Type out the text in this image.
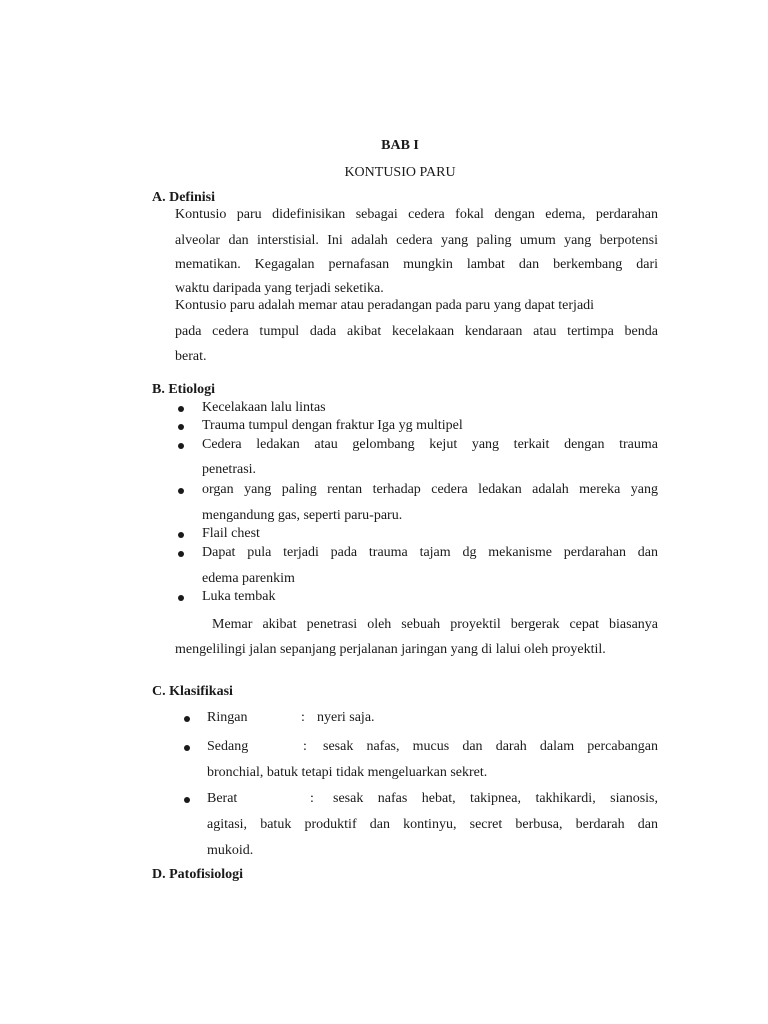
BAB I
KONTUSIO PARU
A. Definisi
Kontusio paru didefinisikan sebagai cedera fokal dengan edema, perdarahan
alveolar dan interstisial. Ini adalah cedera yang paling umum yang berpotensi
mematikan. Kegagalan pernafasan mungkin lambat dan berkembang dari
waktu daripada yang terjadi seketika.
Kontusio paru adalah memar atau peradangan pada paru yang dapat terjadi
pada cedera tumpul dada akibat kecelakaan kendaraan atau tertimpa benda
berat.
B. Etiologi
Kecelakaan lalu lintas
Trauma tumpul dengan fraktur Iga yg multipel
Cedera ledakan atau gelombang kejut yang terkait dengan trauma
penetrasi.
organ yang paling rentan terhadap cedera ledakan adalah mereka yang
mengandung gas, seperti paru-paru.
Flail chest
Dapat pula terjadi pada trauma tajam dg mekanisme perdarahan dan
edema parenkim
Luka tembak
Memar akibat penetrasi oleh sebuah proyektil bergerak cepat biasanya
mengelilingi jalan sepanjang perjalanan jaringan yang di lalui oleh proyektil.
C. Klasifikasi
Ringan	: nyeri saja.
Sedang	: sesak nafas, mucus dan darah dalam percabangan
bronchial, batuk tetapi tidak mengeluarkan sekret.
Berat	: sesak nafas hebat, takipnea, takhikardi, sianosis,
agitasi, batuk produktif dan kontinyu, secret berbusa, berdarah dan
mukoid.
D. Patofisiologi
